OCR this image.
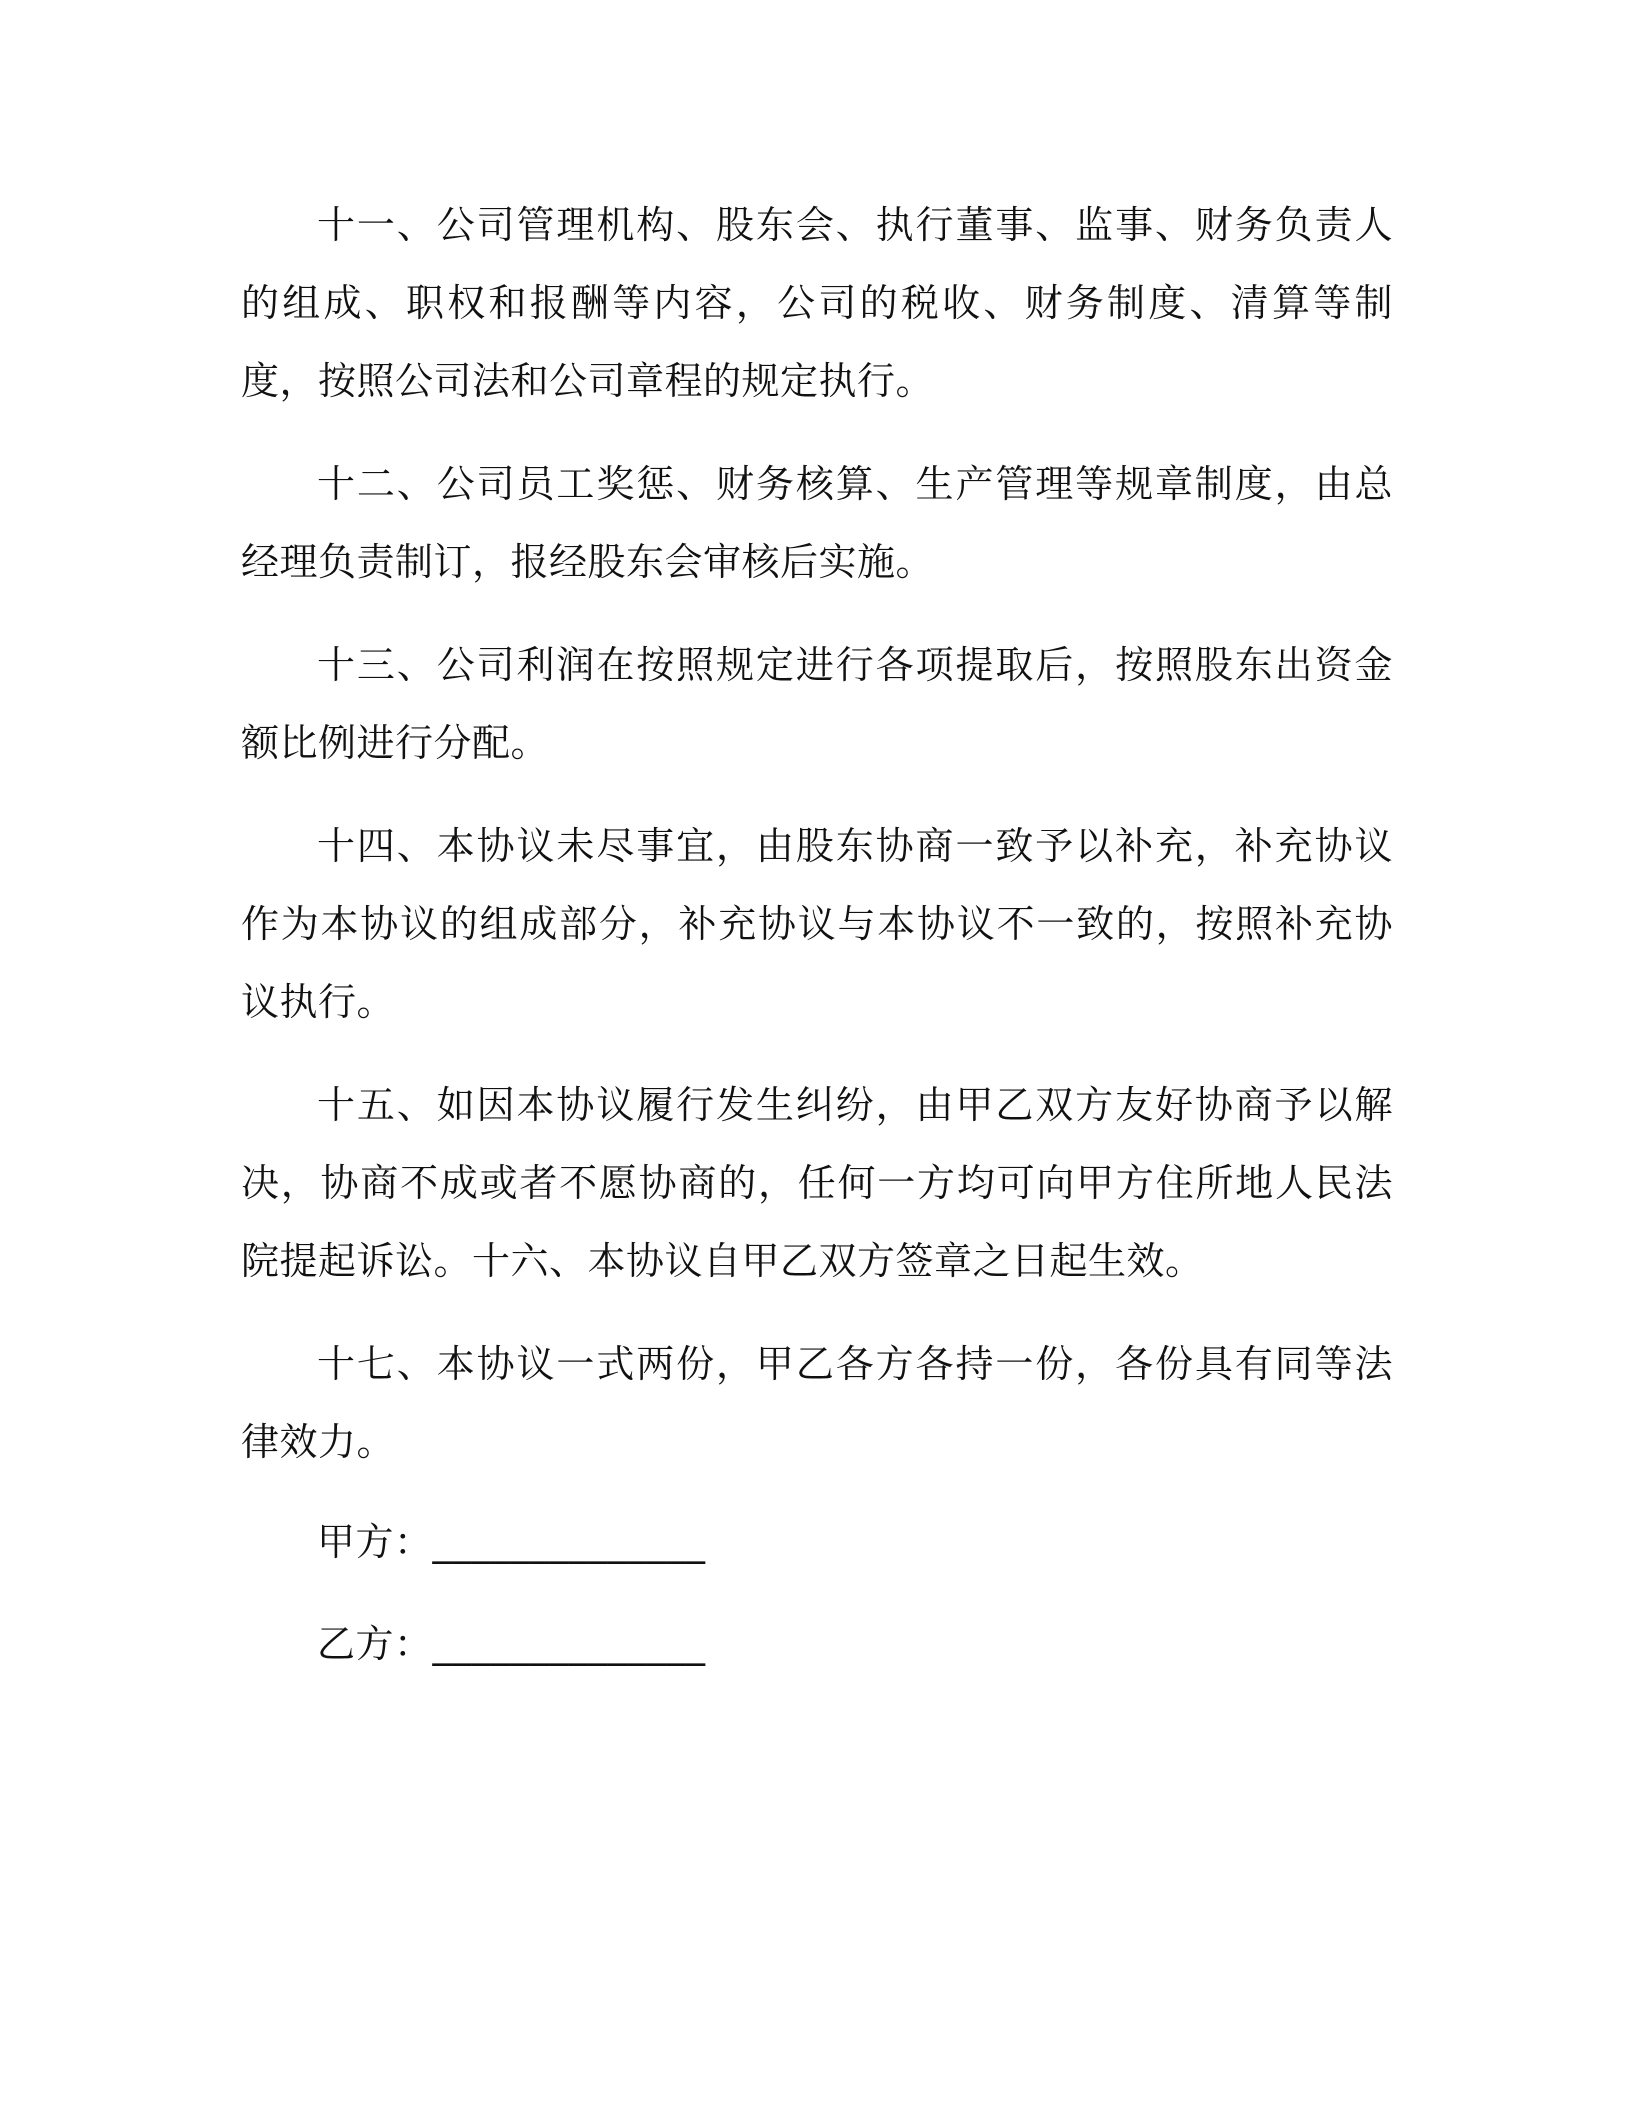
十一、公司管理机构、股东会、执行董事、监事、财务负责人的组成、职权和报酬等内容，公司的税收、财务制度、清算等制度，按照公司法和公司章程的规定执行。

十二、公司员工奖惩、财务核算、生产管理等规章制度，由总经理负责制订，报经股东会审核后实施。

十三、公司利润在按照规定进行各项提取后，按照股东出资金额比例进行分配。

十四、本协议未尽事宜，由股东协商一致予以补充，补充协议作为本协议的组成部分，补充协议与本协议不一致的，按照补充协议执行。

十五、如因本协议履行发生纠纷，由甲乙双方友好协商予以解决，协商不成或者不愿协商的，任何一方均可向甲方住所地人民法院提起诉讼。十六、本协议自甲乙双方签章之日起生效。

十七、本协议一式两份，甲乙各方各持一份，各份具有同等法律效力。

甲方：______________
乙方：______________
